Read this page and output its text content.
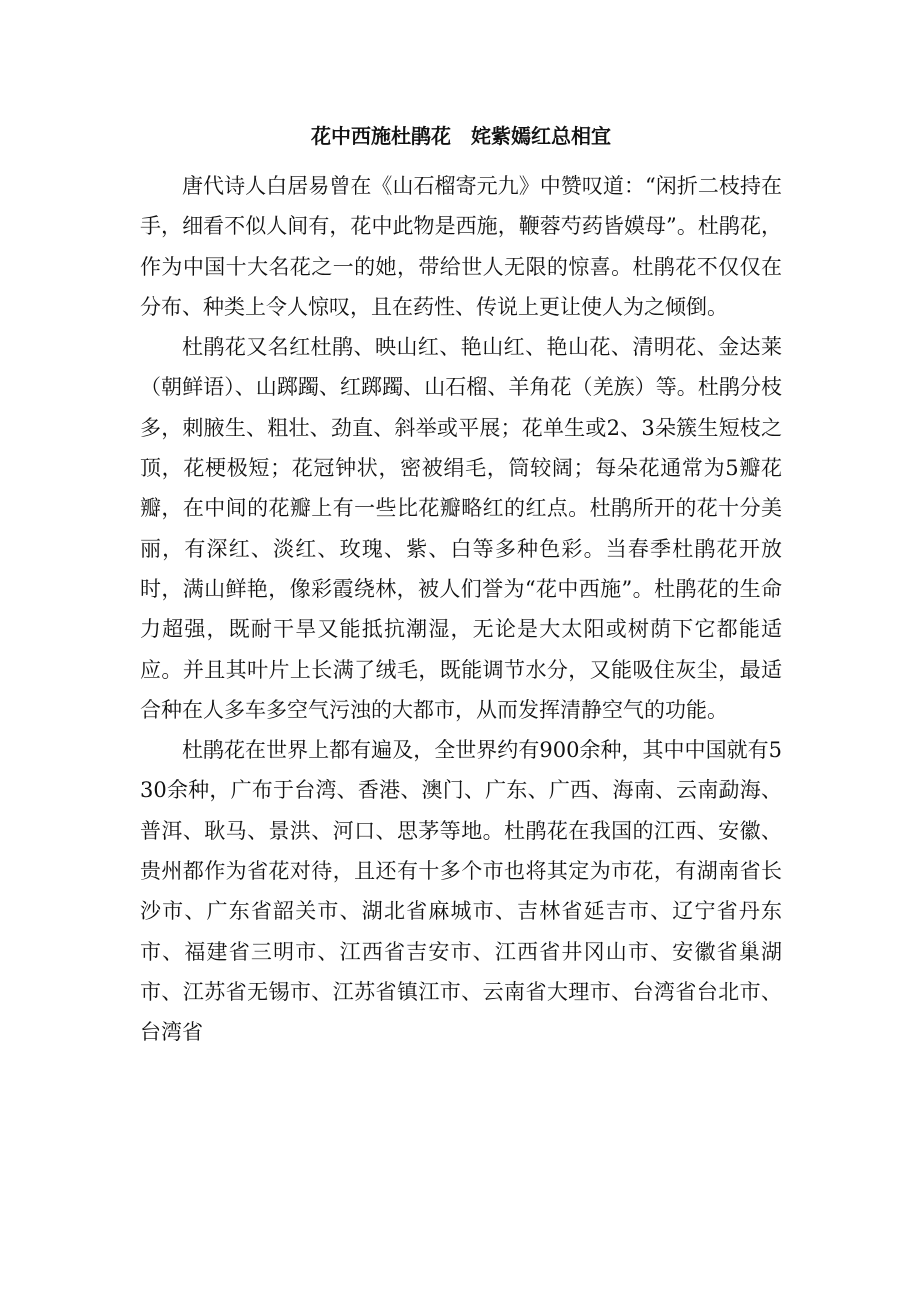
花中西施杜鹃花　姹紫嫣红总相宜

唐代诗人白居易曾在《山石榴寄元九》中赞叹道：“闲折二枝持在手，细看不似人间有，花中此物是西施，鞭蓉芍药皆嫫母”。杜鹃花，作为中国十大名花之一的她，带给世人无限的惊喜。杜鹃花不仅仅在分布、种类上令人惊叹，且在药性、传说上更让使人为之倾倒。

杜鹃花又名红杜鹃、映山红、艳山红、艳山花、清明花、金达莱（朝鲜语）、山踯躅、红踯躅、山石榴、羊角花（羌族）等。杜鹃分枝多，刺腋生、粗壮、劲直、斜举或平展；花单生或2、3朵簇生短枝之顶，花梗极短；花冠钟状，密被绢毛，筒较阔；每朵花通常为5瓣花瓣，在中间的花瓣上有一些比花瓣略红的红点。杜鹃所开的花十分美丽，有深红、淡红、玫瑰、紫、白等多种色彩。当春季杜鹃花开放时，满山鲜艳，像彩霞绕林，被人们誉为“花中西施”。杜鹃花的生命力超强，既耐干旱又能抵抗潮湿，无论是大太阳或树荫下它都能适应。并且其叶片上长满了绒毛，既能调节水分，又能吸住灰尘，最适合种在人多车多空气污浊的大都市，从而发挥清静空气的功能。

杜鹃花在世界上都有遍及，全世界约有900余种，其中中国就有530余种，广布于台湾、香港、澳门、广东、广西、海南、云南勐海、普洱、耿马、景洪、河口、思茅等地。杜鹃花在我国的江西、安徽、贵州都作为省花对待，且还有十多个市也将其定为市花，有湖南省长沙市、广东省韶关市、湖北省麻城市、吉林省延吉市、辽宁省丹东市、福建省三明市、江西省吉安市、江西省井冈山市、安徽省巢湖市、江苏省无锡市、江苏省镇江市、云南省大理市、台湾省台北市、台湾省
